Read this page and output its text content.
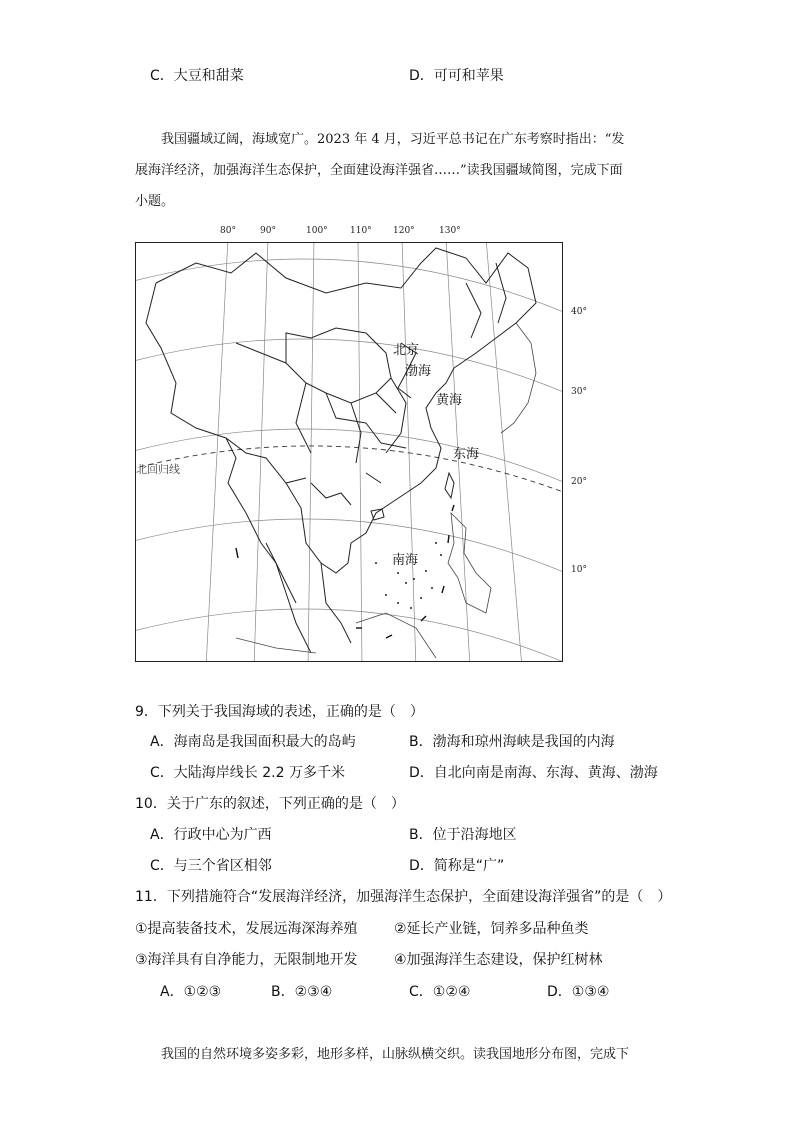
C．大豆和甜菜	D．可可和苹果
我国疆域辽阔，海域宽广。2023 年 4 月，习近平总书记在广东考察时指出：“发
展海洋经济，加强海洋生态保护，全面建设海洋强省……”读我国疆域简图，完成下面
小题。
80°	90°	100° 110° 120°	130°
40°
30°
20°
10°
北京
渤海
黄海
东海
南海
北回归线
9．下列关于我国海域的表述，正确的是（　）
A．海南岛是我国面积最大的岛屿	B．渤海和琼州海峡是我国的内海
C．大陆海岸线长 2.2 万多千米	D．自北向南是南海、东海、黄海、渤海
10．关于广东的叙述，下列正确的是（　）
A．行政中心为广西	B．位于沿海地区
C．与三个省区相邻	D．简称是“广”
11．下列措施符合“发展海洋经济，加强海洋生态保护，全面建设海洋强省”的是（　）
①提高装备技术，发展远海深海养殖	②延长产业链，饲养多品种鱼类
③海洋具有自净能力，无限制地开发	④加强海洋生态建设，保护红树林
A．①②③	B．②③④	C．①②④	D．①③④
我国的自然环境多姿多彩，地形多样，山脉纵横交织。读我国地形分布图，完成下
